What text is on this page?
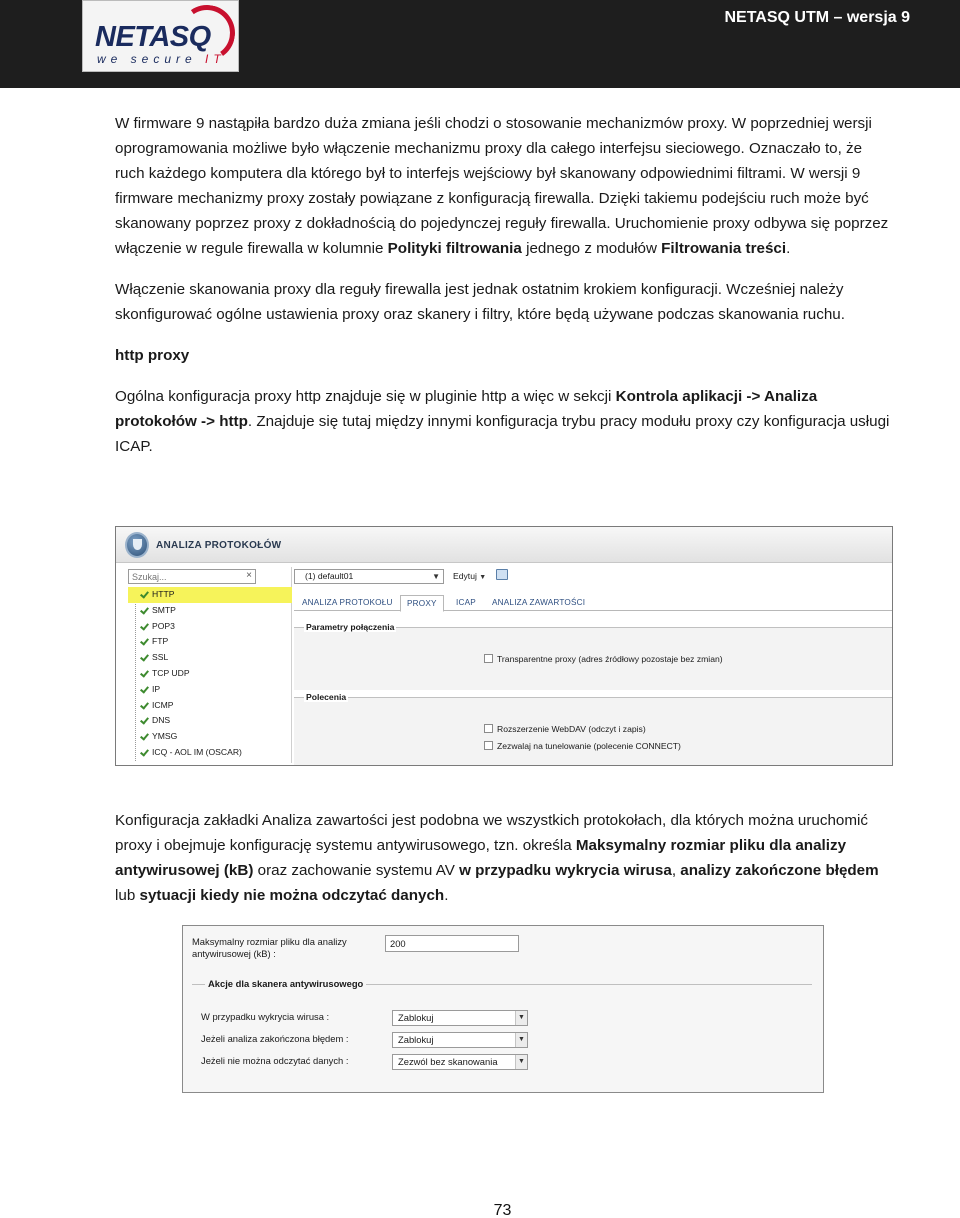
NETASQ
we secure IT
NETASQ UTM – wersja 9

W firmware 9 nastąpiła bardzo duża zmiana jeśli chodzi o stosowanie mechanizmów proxy. W poprzedniej wersji oprogramowania możliwe było włączenie mechanizmu proxy dla całego interfejsu sieciowego. Oznaczało to, że ruch każdego komputera dla którego był to interfejs wejściowy był skanowany odpowiednimi filtrami. W wersji 9 firmware mechanizmy proxy zostały powiązane z konfiguracją firewalla. Dzięki takiemu podejściu ruch może być skanowany poprzez proxy z dokładnością do pojedynczej reguły firewalla. Uruchomienie proxy odbywa się poprzez włączenie w regule firewalla w kolumnie Polityki filtrowania jednego z modułów Filtrowania treści.

Włączenie skanowania proxy dla reguły firewalla jest jednak ostatnim krokiem konfiguracji. Wcześniej należy skonfigurować ogólne ustawienia proxy oraz skanery i filtry, które będą używane podczas skanowania ruchu.

http proxy

Ogólna konfiguracja proxy http znajduje się w pluginie http a więc w sekcji Kontrola aplikacji -> Analiza protokołów -> http. Znajduje się tutaj między innymi konfiguracja trybu pracy modułu proxy czy konfiguracja usługi ICAP.

ANALIZA PROTOKOŁÓW
Szukaj...
×
HTTP
SMTP
POP3
FTP
SSL
TCP UDP
IP
ICMP
DNS
YMSG
ICQ - AOL IM (OSCAR)
(1) default01	▼ Edytuj ▼
ANALIZA PROTOKOŁU	PROXY	ICAP	ANALIZA ZAWARTOŚCI
Parametry połączenia
Transparentne proxy (adres źródłowy pozostaje bez zmian)
Polecenia
Rozszerzenie WebDAV (odczyt i zapis)
Zezwalaj na tunelowanie (polecenie CONNECT)
Konfiguracja zakładki Analiza zawartości jest podobna we wszystkich protokołach, dla których można uruchomić proxy i obejmuje konfigurację systemu antywirusowego, tzn. określa Maksymalny rozmiar pliku dla analizy antywirusowej (kB) oraz zachowanie systemu AV w przypadku wykrycia wirusa, analizy zakończone błędem lub sytuacji kiedy nie można odczytać danych.
Maksymalny rozmiar pliku dla analizy antywirusowej (kB) :
200
Akcje dla skanera antywirusowego
W przypadku wykrycia wirusa :	Zablokuj	▼
Jeżeli analiza zakończona błędem :	Zablokuj	▼
Jeżeli nie można odczytać danych :	Zezwól bez skanowania	▼
73
